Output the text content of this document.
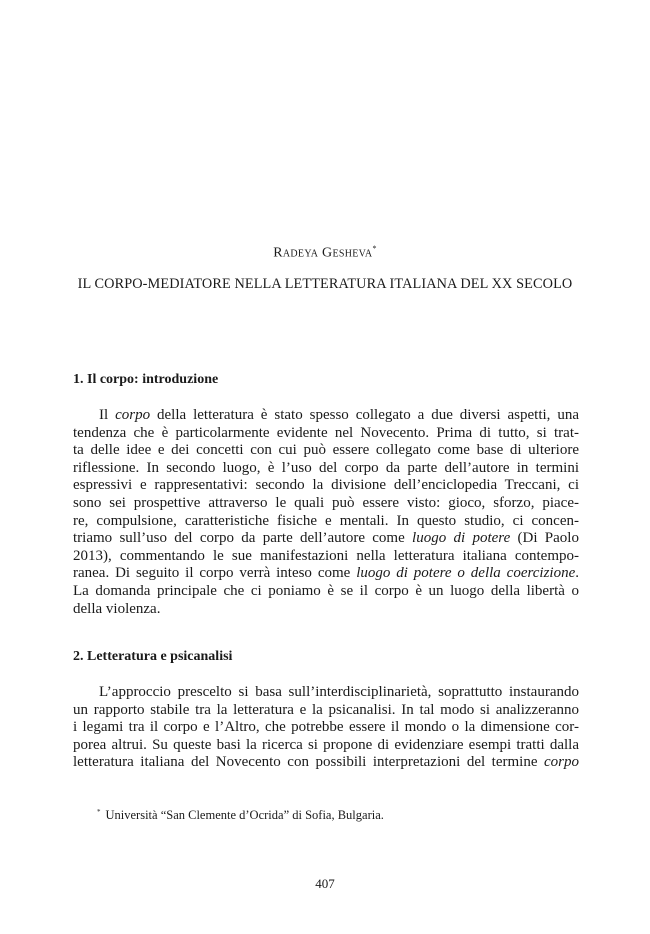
Radeya Gesheva*
IL CORPO-MEDIATORE NELLA LETTERATURA ITALIANA DEL XX SECOLO
1. Il corpo: introduzione
Il corpo della letteratura è stato spesso collegato a due diversi aspetti, una
tendenza che è particolarmente evidente nel Novecento. Prima di tutto, si trat-
ta delle idee e dei concetti con cui può essere collegato come base di ulteriore
riflessione. In secondo luogo, è l’uso del corpo da parte dell’autore in termini
espressivi e rappresentativi: secondo la divisione dell’enciclopedia Treccani, ci
sono sei prospettive attraverso le quali può essere visto: gioco, sforzo, piace-
re, compulsione, caratteristiche fisiche e mentali. In questo studio, ci concen-
triamo sull’uso del corpo da parte dell’autore come luogo di potere (Di Paolo
2013), commentando le sue manifestazioni nella letteratura italiana contempo-
ranea. Di seguito il corpo verrà inteso come luogo di potere o della coercizione.
La domanda principale che ci poniamo è se il corpo è un luogo della libertà o
della violenza.
2. Letteratura e psicanalisi
L’approccio prescelto si basa sull’interdisciplinarietà, soprattutto instaurando
un rapporto stabile tra la letteratura e la psicanalisi. In tal modo si analizzeranno
i legami tra il corpo e l’Altro, che potrebbe essere il mondo o la dimensione cor-
porea altrui. Su queste basi la ricerca si propone di evidenziare esempi tratti dalla
letteratura italiana del Novecento con possibili interpretazioni del termine corpo
* Università “San Clemente d’Ocrida” di Sofia, Bulgaria.
407
